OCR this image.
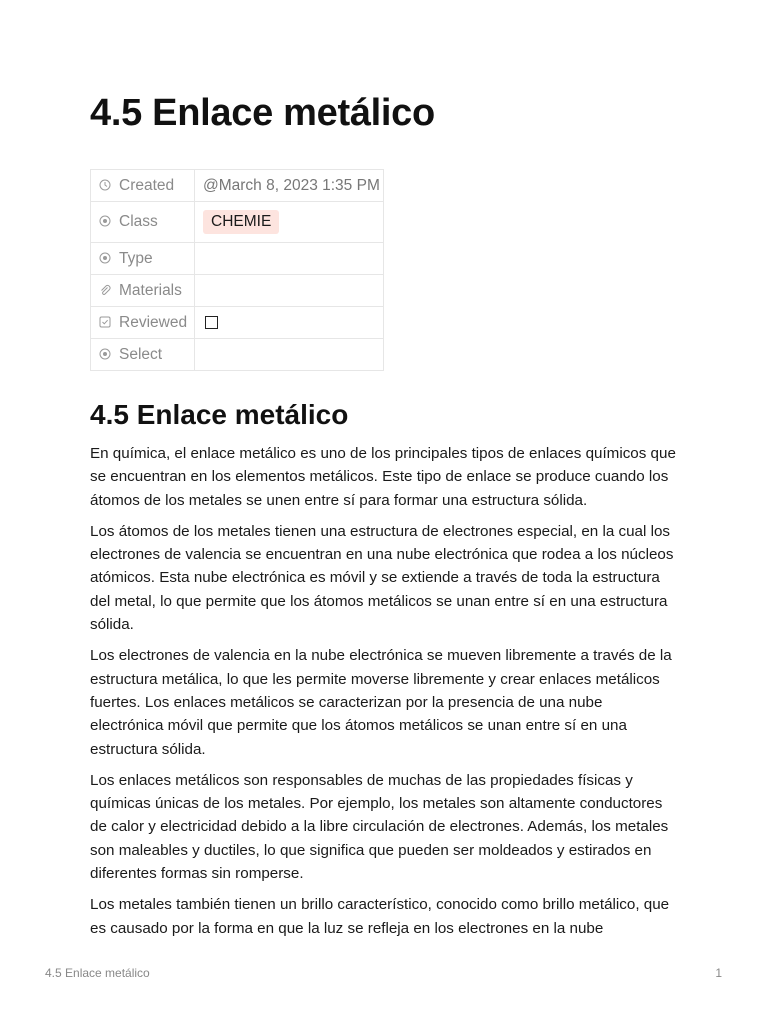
4.5 Enlace metálico
Created	@March 8, 2023 1:35 PM

Class	CHEMIE

Type	

Materials	

Reviewed	

Select	
4.5 Enlace metálico

En química, el enlace metálico es uno de los principales tipos de enlaces químicos que se encuentran en los elementos metálicos. Este tipo de enlace se produce cuando los átomos de los metales se unen entre sí para formar una estructura sólida.

Los átomos de los metales tienen una estructura de electrones especial, en la cual los electrones de valencia se encuentran en una nube electrónica que rodea a los núcleos atómicos. Esta nube electrónica es móvil y se extiende a través de toda la estructura del metal, lo que permite que los átomos metálicos se unan entre sí en una estructura sólida.

Los electrones de valencia en la nube electrónica se mueven libremente a través de la estructura metálica, lo que les permite moverse libremente y crear enlaces metálicos fuertes. Los enlaces metálicos se caracterizan por la presencia de una nube electrónica móvil que permite que los átomos metálicos se unan entre sí en una estructura sólida.

Los enlaces metálicos son responsables de muchas de las propiedades físicas y químicas únicas de los metales. Por ejemplo, los metales son altamente conductores de calor y electricidad debido a la libre circulación de electrones. Además, los metales son maleables y ductiles, lo que significa que pueden ser moldeados y estirados en diferentes formas sin romperse.

Los metales también tienen un brillo característico, conocido como brillo metálico, que es causado por la forma en que la luz se refleja en los electrones en la nube

4.5 Enlace metálico	1
